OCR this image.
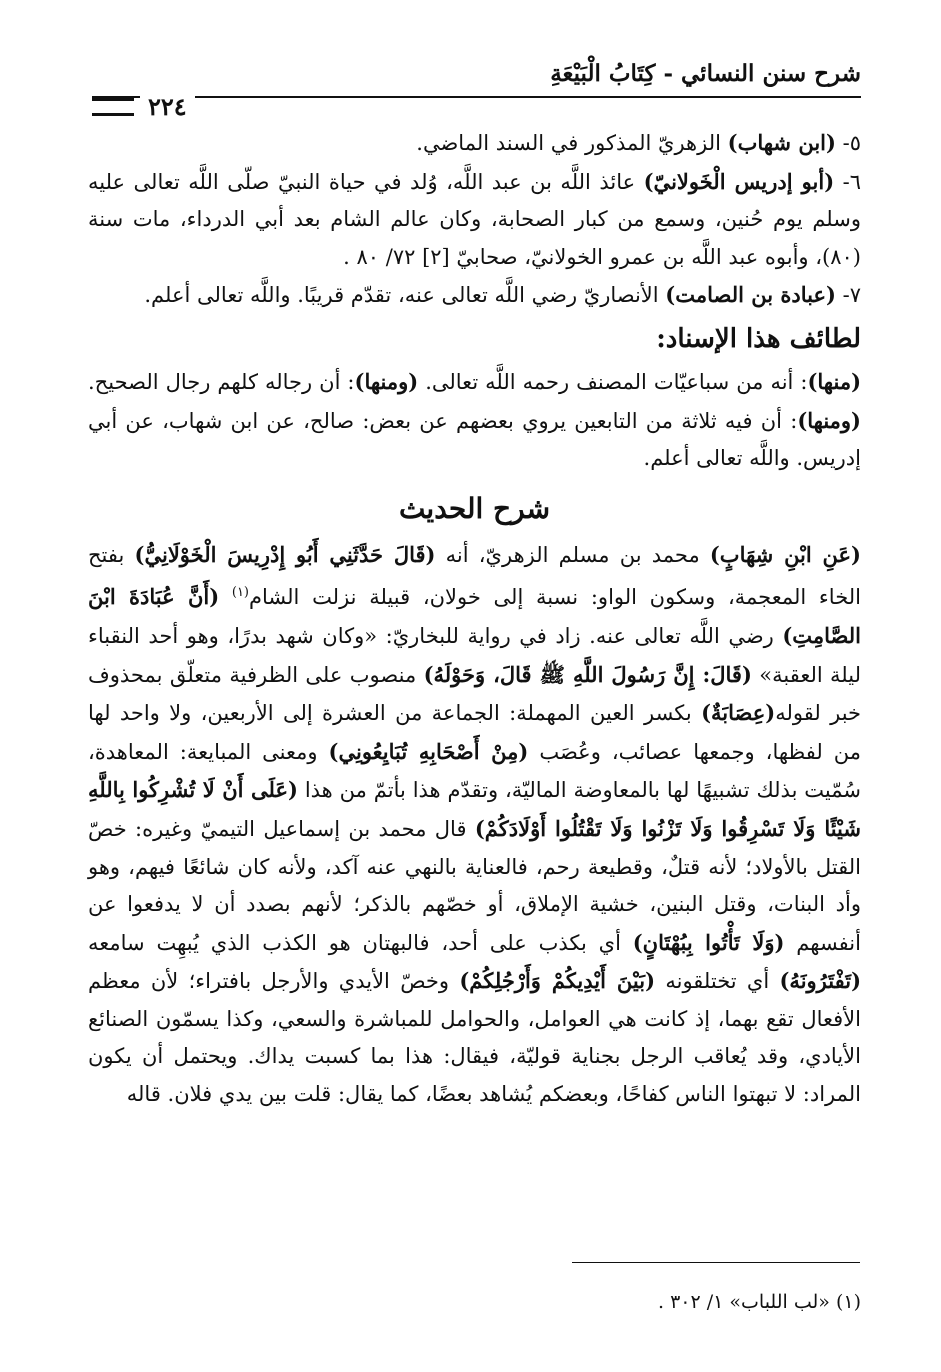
شرح سنن النسائي - كِتَابُ الْبَيْعَةِ
٢٢٤

٥- (ابن شهاب) الزهريّ المذكور في السند الماضي.

٦- (أبو إدريس الْخَولانيّ) عائذ اللَّه بن عبد اللَّه، وُلد في حياة النبيّ صلّى اللَّه تعالى عليه وسلم يوم حُنين، وسمع من كبار الصحابة، وكان عالم الشام بعد أبي الدرداء، مات سنة (٨٠)، وأبوه عبد اللَّه بن عمرو الخولانيّ، صحابيّ [٢] ٧٢/ ٨٠ .

٧- (عبادة بن الصامت) الأنصاريّ رضي اللَّه تعالى عنه، تقدّم قريبًا. واللَّه تعالى أعلم.

لطائف هذا الإسناد:

(منها): أنه من سباعيّات المصنف رحمه اللَّه تعالى. (ومنها): أن رجاله كلهم رجال الصحيح. (ومنها): أن فيه ثلاثة من التابعين يروي بعضهم عن بعض: صالح، عن ابن شهاب، عن أبي إدريس. واللَّه تعالى أعلم.

شرح الحديث

(عَنِ ابْنِ شِهَابٍ) محمد بن مسلم الزهريّ، أنه (قَالَ حَدَّثَنِي أَبُو إِدْرِيسَ الْخَوْلَانِيُّ) بفتح الخاء المعجمة، وسكون الواو: نسبة إلى خولان، قبيلة نزلت الشام$^{(١)}$ (أَنَّ عُبَادَةَ ابْنَ الصَّامِتِ) رضي اللَّه تعالى عنه. زاد في رواية للبخاريّ: «وكان شهد بدرًا، وهو أحد النقباء ليلة العقبة» (قَالَ: إِنَّ رَسُولَ اللَّهِ ﷺ قَالَ، وَحَوْلَهُ) منصوب على الظرفية متعلّق بمحذوف خبر لقوله(عِصَابَةٌ) بكسر العين المهملة: الجماعة من العشرة إلى الأربعين، ولا واحد لها من لفظها، وجمعها عصائب، وعُصَب (مِنْ أَصْحَابِهِ تُبَايِعُونِي) ومعنى المبايعة: المعاهدة، سُمّيت بذلك تشبيهًا لها بالمعاوضة الماليّة، وتقدّم هذا بأتمّ من هذا (عَلَى أَنْ لَا تُشْرِكُوا بِاللَّهِ شَيْئًا وَلَا تَسْرِقُوا وَلَا تَزْنُوا وَلَا تَقْتُلُوا أَوْلَادَكُمْ) قال محمد بن إسماعيل التيميّ وغيره: خصّ القتل بالأولاد؛ لأنه قتلٌ، وقطيعة رحم، فالعناية بالنهي عنه آكد، ولأنه كان شائعًا فيهم، وهو وأد البنات، وقتل البنين، خشية الإملاق، أو خصّهم بالذكر؛ لأنهم بصدد أن لا يدفعوا عن أنفسهم (وَلَا تَأْتُوا بِبُهْتَانٍ) أي بكذب على أحد، فالبهتان هو الكذب الذي يُبهِت سامعه (تَفْتَرُونَهُ) أي تختلقونه (بَيْنَ أَيْدِيكُمْ وَأَرْجُلِكُمْ) وخصّ الأيدي والأرجل بافتراء؛ لأن معظم الأفعال تقع بهما، إذ كانت هي العوامل، والحوامل للمباشرة والسعي، وكذا يسمّون الصنائع الأيادي، وقد يُعاقب الرجل بجناية قوليّة، فيقال: هذا بما كسبت يداك. ويحتمل أن يكون المراد: لا تبهتوا الناس كفاحًا، وبعضكم يُشاهد بعضًا، كما يقال: قلت بين يدي فلان. قاله

(١) «لب اللباب» ١/ ٣٠٢ .
